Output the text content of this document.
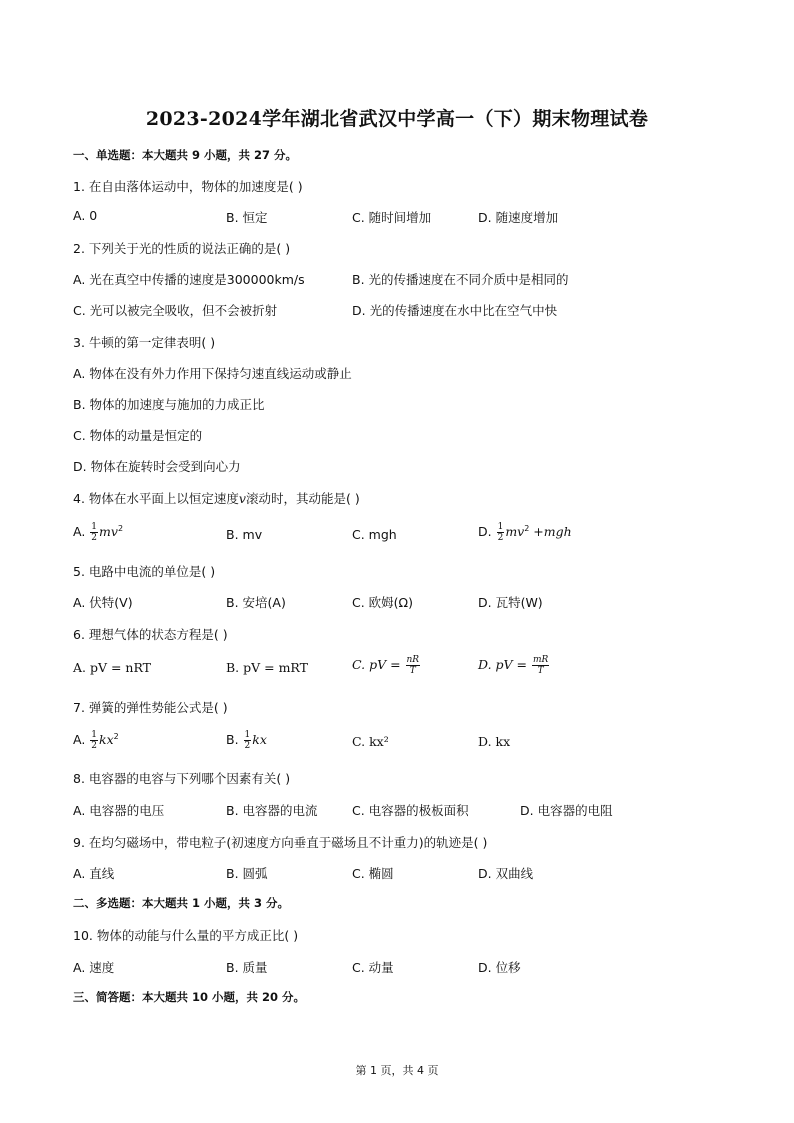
2023-2024学年湖北省武汉中学高一（下）期末物理试卷
一、单选题：本大题共 9 小题，共 27 分。
1. 在自由落体运动中，物体的加速度是( )
A. 0	B. 恒定	C. 随时间增加	D. 随速度增加
2. 下列关于光的性质的说法正确的是( )
A. 光在真空中传播的速度是300000km/s	B. 光的传播速度在不同介质中是相同的
C. 光可以被完全吸收，但不会被折射	D. 光的传播速度在水中比在空气中快
3. 牛顿的第一定律表明( )
A. 物体在没有外力作用下保持匀速直线运动或静止
B. 物体的加速度与施加的力成正比
C. 物体的动量是恒定的
D. 物体在旋转时会受到向心力
4. 物体在水平面上以恒定速度v滚动时，其动能是( )
A. $\frac{1}{2} mv^2$	B. mv	C. mgh	D. $\frac{1}{2} mv^2 +mgh$
5. 电路中电流的单位是( )
A. 伏特(V)	B. 安培(A)	C. 欧姆(Ω)	D. 瓦特(W)
6. 理想气体的状态方程是( )
A. pV = nRT	B. pV = mRT	C. pV = $\frac{nR}{T}$	D. pV = $\frac{mR}{T}$
7. 弹簧的弹性势能公式是( )
A. $\frac{1}{2} kx^2$	B. $\frac{1}{2}$ kx	C. kx²	D. kx
8. 电容器的电容与下列哪个因素有关( )
A. 电容器的电压	B. 电容器的电流	C. 电容器的极板面积	D. 电容器的电阻
9. 在均匀磁场中，带电粒子(初速度方向垂直于磁场且不计重力)的轨迹是( )
A. 直线	B. 圆弧	C. 椭圆	D. 双曲线
二、多选题：本大题共 1 小题，共 3 分。
10. 物体的动能与什么量的平方成正比( )
A. 速度	B. 质量	C. 动量	D. 位移
三、简答题：本大题共 10 小题，共 20 分。
第 1 页，共 4 页
